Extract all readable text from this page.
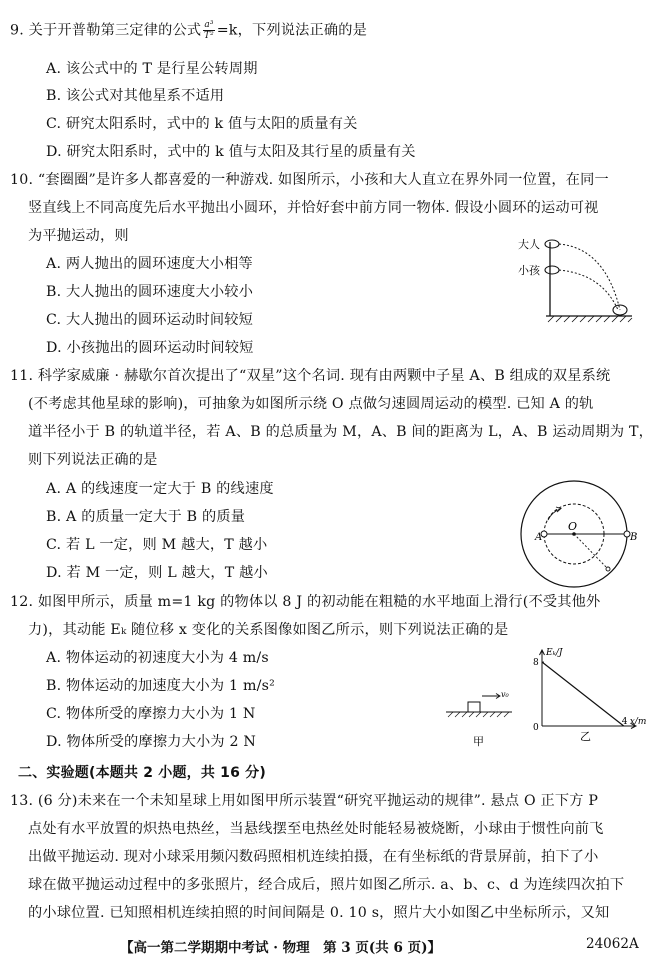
9. 关于开普勒第三定律的公式 $\frac{\text{a³}}{\text{T²}} =k$，下列说法正确的是
A. 该公式中的 T 是行星公转周期
B. 该公式对其他星系不适用
C. 研究太阳系时，式中的 k 值与太阳的质量有关
D. 研究太阳系时，式中的 k 值与太阳及其行星的质量有关
10. “套圈圈”是许多人都喜爱的一种游戏. 如图所示，小孩和大人直立在界外同一位置，在同一
竖直线上不同高度先后水平抛出小圆环，并恰好套中前方同一物体. 假设小圆环的运动可视
为平抛运动，则
A. 两人抛出的圆环速度大小相等
B. 大人抛出的圆环速度大小较小
C. 大人抛出的圆环运动时间较短
D. 小孩抛出的圆环运动时间较短
大人
小孩
11. 科学家威廉 · 赫歇尔首次提出了“双星”这个名词. 现有由两颗中子星 A、B 组成的双星系统
(不考虑其他星球的影响)，可抽象为如图所示绕 O 点做匀速圆周运动的模型. 已知 A 的轨
道半径小于 B 的轨道半径，若 A、B 的总质量为 M，A、B 间的距离为 L，A、B 运动周期为 T，
则下列说法正确的是
A. A 的线速度一定大于 B 的线速度
B. A 的质量一定大于 B 的质量
C. 若 L 一定，则 M 越大，T 越小
D. 若 M 一定，则 L 越大，T 越小
A
O
B
12. 如图甲所示，质量 m=1 kg 的物体以 8 J 的初动能在粗糙的水平地面上滑行(不受其他外
力)，其动能 Eₖ 随位移 x 变化的关系图像如图乙所示，则下列说法正确的是
A. 物体运动的初速度大小为 4 m/s
B. 物体运动的加速度大小为 1 m/s²
C. 物体所受的摩擦力大小为 1 N
D. 物体所受的摩擦力大小为 2 N
v₀
甲
Eₖ/J
x/m
8
4
0
乙
二、实验题(本题共 2 小题，共 16 分)
13. (6 分)未来在一个未知星球上用如图甲所示装置“研究平抛运动的规律”. 悬点 O 正下方 P
点处有水平放置的炽热电热丝，当悬线摆至电热丝处时能轻易被烧断，小球由于惯性向前飞
出做平抛运动. 现对小球采用频闪数码照相机连续拍摄，在有坐标纸的背景屏前，拍下了小
球在做平抛运动过程中的多张照片，经合成后，照片如图乙所示. a、b、c、d 为连续四次拍下
的小球位置. 已知照相机连续拍照的时间间隔是 0. 10 s，照片大小如图乙中坐标所示，又知
【高一第二学期期中考试 · 物理　第 3 页(共 6 页)】	24062A
